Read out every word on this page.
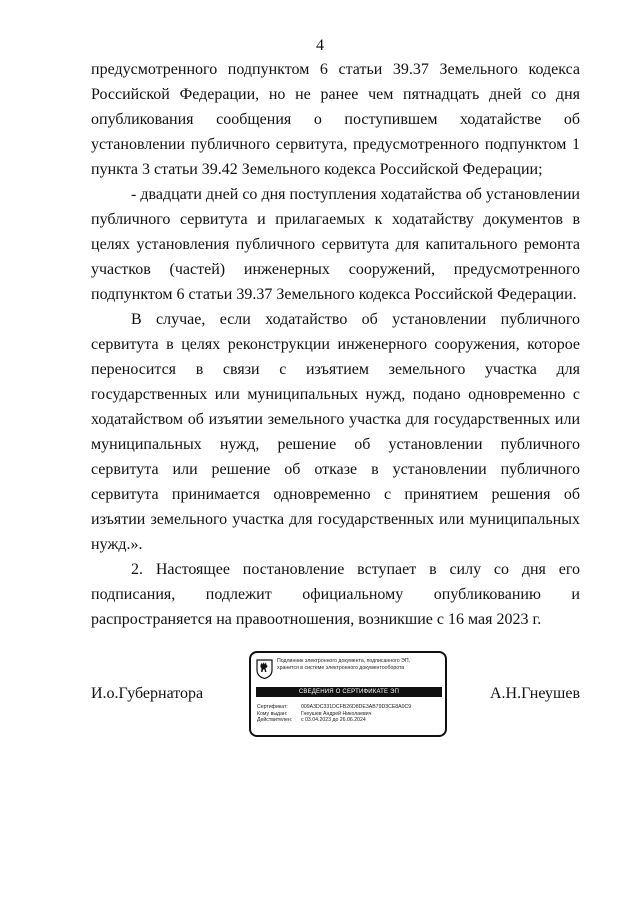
4

предусмотренного подпунктом 6 статьи 39.37 Земельного кодекса Российской Федерации, но не ранее чем пятнадцать дней со дня опубликования сообщения о поступившем ходатайстве об установлении публичного сервитута, предусмотренного подпунктом 1 пункта 3 статьи 39.42 Земельного кодекса Российской Федерации;

- двадцати дней со дня поступления ходатайства об установлении публичного сервитута и прилагаемых к ходатайству документов в целях установления публичного сервитута для капитального ремонта участков (частей) инженерных сооружений, предусмотренного подпунктом 6 статьи 39.37 Земельного кодекса Российской Федерации.

В случае, если ходатайство об установлении публичного сервитута в целях реконструкции инженерного сооружения, которое переносится в связи с изъятием земельного участка для государственных или муниципальных нужд, подано одновременно с ходатайством об изъятии земельного участка для государственных или муниципальных нужд, решение об установлении публичного сервитута или решение об отказе в установлении публичного сервитута принимается одновременно с принятием решения об изъятии земельного участка для государственных или муниципальных нужд.».

2. Настоящее постановление вступает в силу со дня его подписания, подлежит официальному опубликованию и распространяется на правоотношения, возникшие с 16 мая 2023 г.

И.о.Губернатора	А.Н.Гнеушев
Подлинник электронного документа, подписанного ЭП,
хранится в системе электронного документооборота
СВЕДЕНИЯ О СЕРТИФИКАТЕ ЭП
Сертификат:	009A3DC331DCFB26D8DE3AB79D3CE8A0C9
Кому выдан:	Гнеушев Андрей Николаевич
Действителен: с 03.04.2023 до 26.06.2024
